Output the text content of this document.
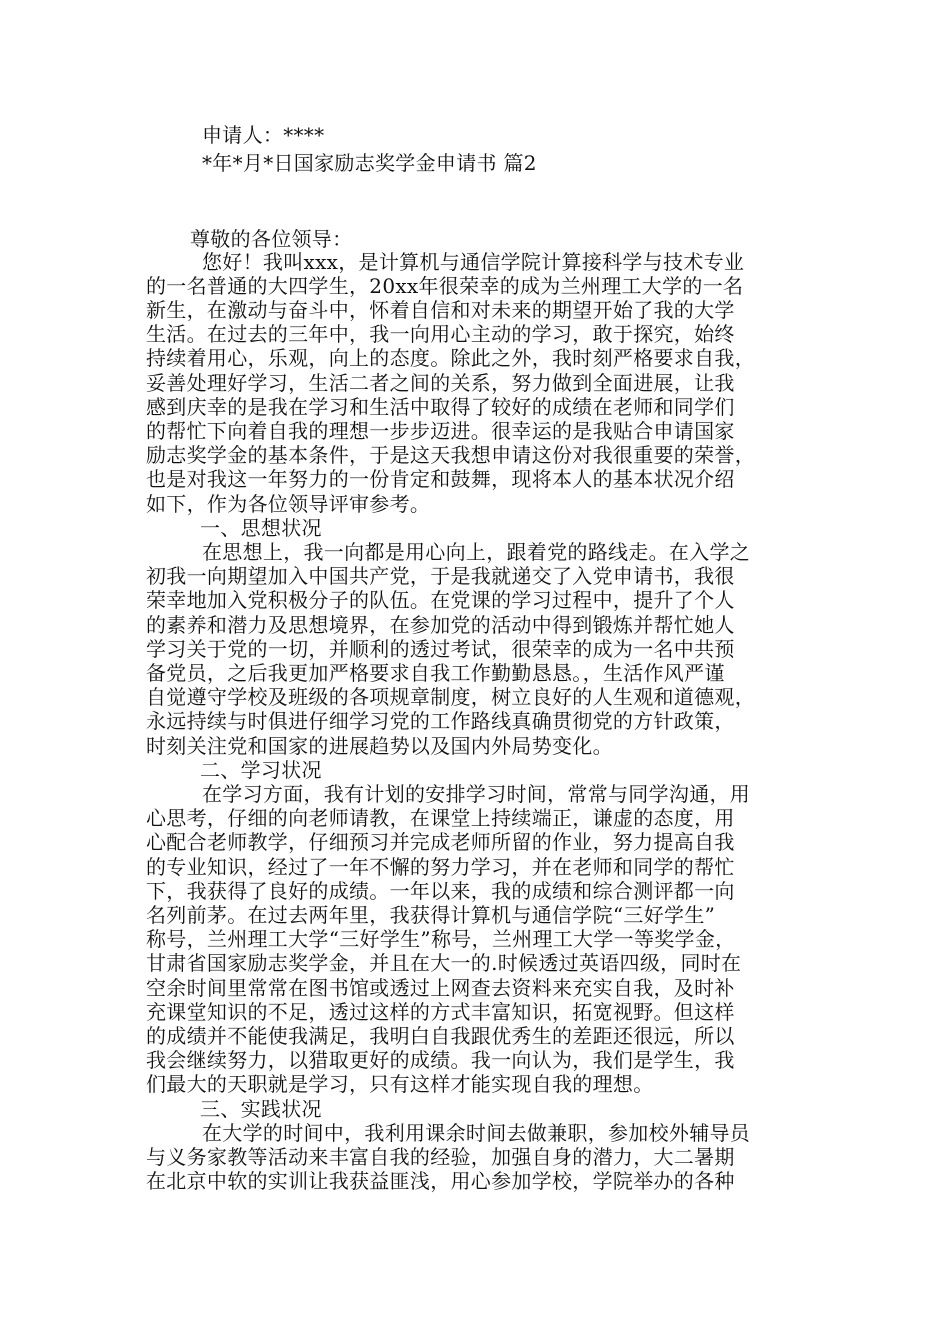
申请人：****
*年*月*日国家励志奖学金申请书 篇2
尊敬的各位领导：
您好！我叫xxx，是计算机与通信学院计算接科学与技术专业
的一名普通的大四学生，20xx年很荣幸的成为兰州理工大学的一名
新生，在激动与奋斗中，怀着自信和对未来的期望开始了我的大学
生活。在过去的三年中，我一向用心主动的学习，敢于探究，始终
持续着用心，乐观，向上的态度。除此之外，我时刻严格要求自我，
妥善处理好学习，生活二者之间的关系，努力做到全面进展，让我
感到庆幸的是我在学习和生活中取得了较好的成绩在老师和同学们
的帮忙下向着自我的理想一步步迈进。很幸运的是我贴合申请国家
励志奖学金的基本条件，于是这天我想申请这份对我很重要的荣誉，
也是对我这一年努力的一份肯定和鼓舞，现将本人的基本状况介绍
如下，作为各位领导评审参考。
一、思想状况
在思想上，我一向都是用心向上，跟着党的路线走。在入学之
初我一向期望加入中国共产党，于是我就递交了入党申请书，我很
荣幸地加入党积极分子的队伍。在党课的学习过程中，提升了个人
的素养和潜力及思想境界，在参加党的活动中得到锻炼并帮忙她人
学习关于党的一切，并顺利的透过考试，很荣幸的成为一名中共预
备党员，之后我更加严格要求自我工作勤勤恳恳。，生活作风严谨
自觉遵守学校及班级的各项规章制度，树立良好的人生观和道德观，
永远持续与时俱进仔细学习党的工作路线真确贯彻党的方针政策，
时刻关注党和国家的进展趋势以及国内外局势变化。
二、学习状况
在学习方面，我有计划的安排学习时间，常常与同学沟通，用
心思考，仔细的向老师请教，在课堂上持续端正，谦虚的态度，用
心配合老师教学，仔细预习并完成老师所留的作业，努力提高自我
的专业知识，经过了一年不懈的努力学习，并在老师和同学的帮忙
下，我获得了良好的成绩。一年以来，我的成绩和综合测评都一向
名列前茅。在过去两年里，我获得计算机与通信学院“三好学生”
称号，兰州理工大学“三好学生”称号，兰州理工大学一等奖学金，
甘肃省国家励志奖学金，并且在大一的.时候透过英语四级，同时在
空余时间里常常在图书馆或透过上网查去资料来充实自我，及时补
充课堂知识的不足，透过这样的方式丰富知识，拓宽视野。但这样
的成绩并不能使我满足，我明白自我跟优秀生的差距还很远，所以
我会继续努力，以猎取更好的成绩。我一向认为，我们是学生，我
们最大的天职就是学习，只有这样才能实现自我的理想。
三、实践状况
在大学的时间中，我利用课余时间去做兼职，参加校外辅导员
与义务家教等活动来丰富自我的经验，加强自身的潜力，大二暑期
在北京中软的实训让我获益匪浅，用心参加学校，学院举办的各种
